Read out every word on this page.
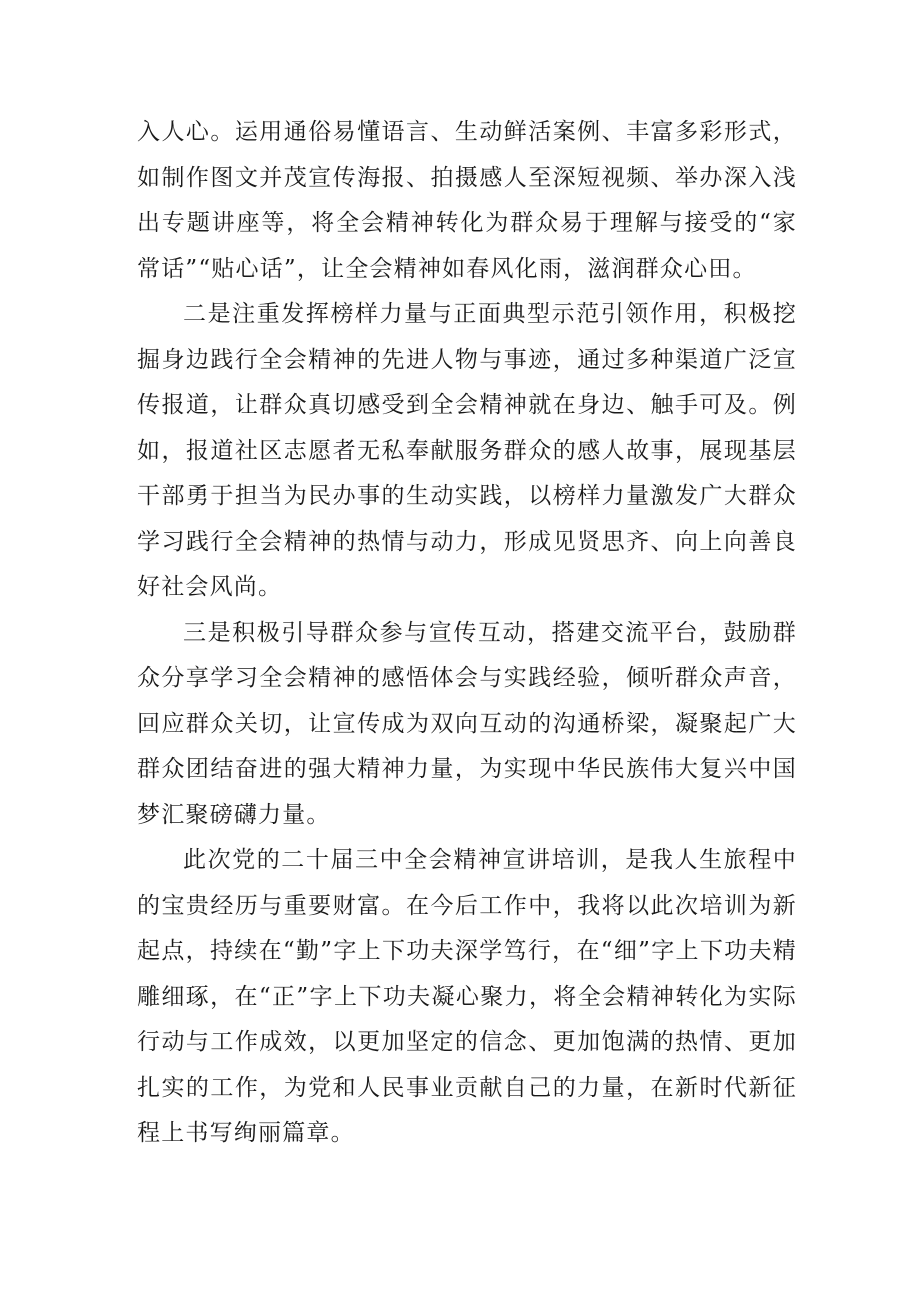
入人心。运用通俗易懂语言、生动鲜活案例、丰富多彩形式，如制作图文并茂宣传海报、拍摄感人至深短视频、举办深入浅出专题讲座等，将全会精神转化为群众易于理解与接受的“家常话”“贴心话”，让全会精神如春风化雨，滋润群众心田。

二是注重发挥榜样力量与正面典型示范引领作用，积极挖掘身边践行全会精神的先进人物与事迹，通过多种渠道广泛宣传报道，让群众真切感受到全会精神就在身边、触手可及。例如，报道社区志愿者无私奉献服务群众的感人故事，展现基层干部勇于担当为民办事的生动实践，以榜样力量激发广大群众学习践行全会精神的热情与动力，形成见贤思齐、向上向善良好社会风尚。

三是积极引导群众参与宣传互动，搭建交流平台，鼓励群众分享学习全会精神的感悟体会与实践经验，倾听群众声音，回应群众关切，让宣传成为双向互动的沟通桥梁，凝聚起广大群众团结奋进的强大精神力量，为实现中华民族伟大复兴中国梦汇聚磅礴力量。

此次党的二十届三中全会精神宣讲培训，是我人生旅程中的宝贵经历与重要财富。在今后工作中，我将以此次培训为新起点，持续在“勤”字上下功夫深学笃行，在“细”字上下功夫精雕细琢，在“正”字上下功夫凝心聚力，将全会精神转化为实际行动与工作成效，以更加坚定的信念、更加饱满的热情、更加扎实的工作，为党和人民事业贡献自己的力量，在新时代新征程上书写绚丽篇章。
